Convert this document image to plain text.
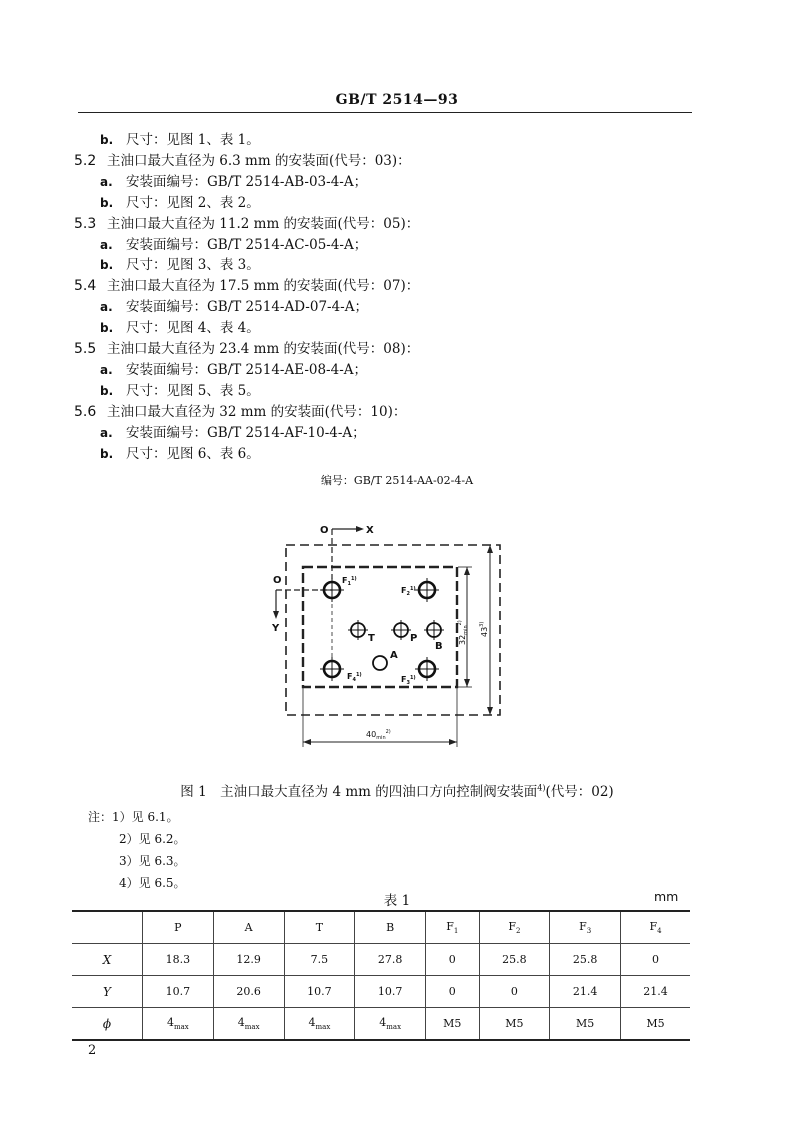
GB/T 2514—93
b. 尺寸：见图 1、表 1。
5.2 主油口最大直径为 6.3 mm 的安装面(代号：03)：
a. 安装面编号：GB/T 2514-AB-03-4-A；
b. 尺寸：见图 2、表 2。
5.3 主油口最大直径为 11.2 mm 的安装面(代号：05)：
a. 安装面编号：GB/T 2514-AC-05-4-A；
b. 尺寸：见图 3、表 3。
5.4 主油口最大直径为 17.5 mm 的安装面(代号：07)：
a. 安装面编号：GB/T 2514-AD-07-4-A；
b. 尺寸：见图 4、表 4。
5.5 主油口最大直径为 23.4 mm 的安装面(代号：08)：
a. 安装面编号：GB/T 2514-AE-08-4-A；
b. 尺寸：见图 5、表 5。
5.6 主油口最大直径为 32 mm 的安装面(代号：10)：
a. 安装面编号：GB/T 2514-AF-10-4-A；
b. 尺寸：见图 6、表 6。
编号：GB/T 2514-AA-02-4-A
O	X
O
Y
T	P
B
A
$F_1^{1)}$
$F_2^{1)}$
$F_3^{1)}$
$F_4^{1)}$
$40_{min}^{2)}$
$32_{min}^{2)}$
43$^{3)}$
图 1　主油口最大直径为 4 mm 的四油口方向控制阀安装面$^{4)}$(代号：02)
注：1）见 6.1。
2）见 6.2。
3）见 6.3。
4）见 6.5。
表 1	mm
	P	A	T	B	$F_1$	$F_2$	$F_3$	$F_4$
X	18.3	12.9	7.5	27.8	0	25.8	25.8	0
Y	10.7	20.6	10.7	10.7	0	0	21.4	21.4
ϕ	$4_{max}$	$4_{max}$	$4_{max}$	$4_{max}$	M5	M5	M5	M5
2
